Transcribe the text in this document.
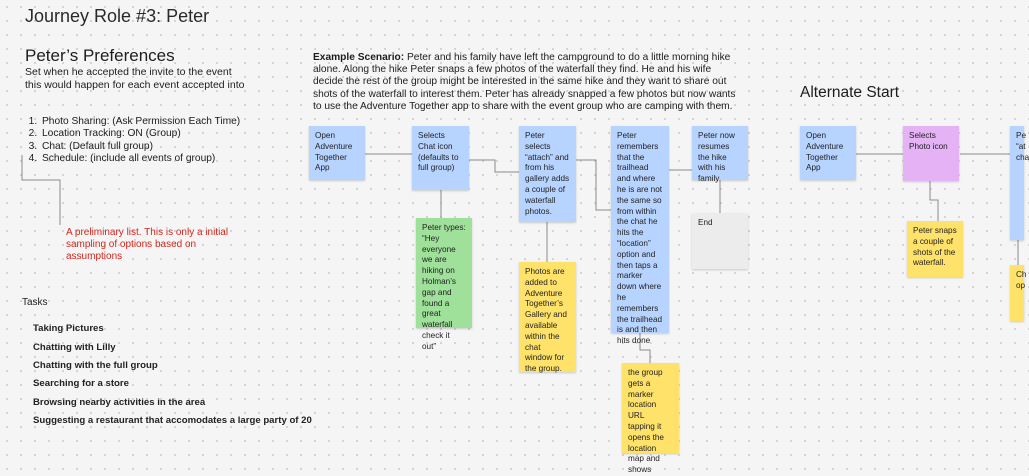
Journey Role #3: Peter
Peter’s Preferences
Set when he accepted the invite to the event
this would happen for each event accepted into
1. Photo Sharing: (Ask Permission Each Time)
2. Location Tracking: ON (Group)
3. Chat: (Default full group)
4. Schedule: (include all events of group)
A preliminary list. This is only a initial sampling of options based on assumptions
Tasks
Taking Pictures
Chatting with Lilly
Chatting with the full group
Searching for a store
Browsing nearby activities in the area
Suggesting a restaurant that accomodates a large party of 20
Example Scenario: Peter and his family have left the campground to do a little morning hike alone. Along the hike Peter snaps a few photos of the waterfall they find. He and his wife decide the rest of the group might be interested in the same hike and they want to share out shots of the waterfall to interest them. Peter has already snapped a few photos but now wants to use the Adventure Together app to share with the event group who are camping with them.
Alternate Start
Open Adventure Together App
Selects Chat icon (defaults to full group)
Peter selects “attach” and from his gallery adds a couple of waterfall photos.
Peter remembers that the trailhead and where he is are not the same so from within the chat he hits the “location” option and then taps a marker down where he remembers the trailhead is and then hits done
Peter now resumes the hike with his family
Peter types: “Hey everyone we are hiking on Holman’s gap and found a great waterfall check it out”
Photos are added to Adventure Together’s Gallery and available within the chat window for the group.	the group gets a marker location URL tapping it opens the location map and shows
End
Open Adventure Together App
Selects Photo icon
Peter snaps a couple of shots of the waterfall.
Pe “at cha
Ch op
